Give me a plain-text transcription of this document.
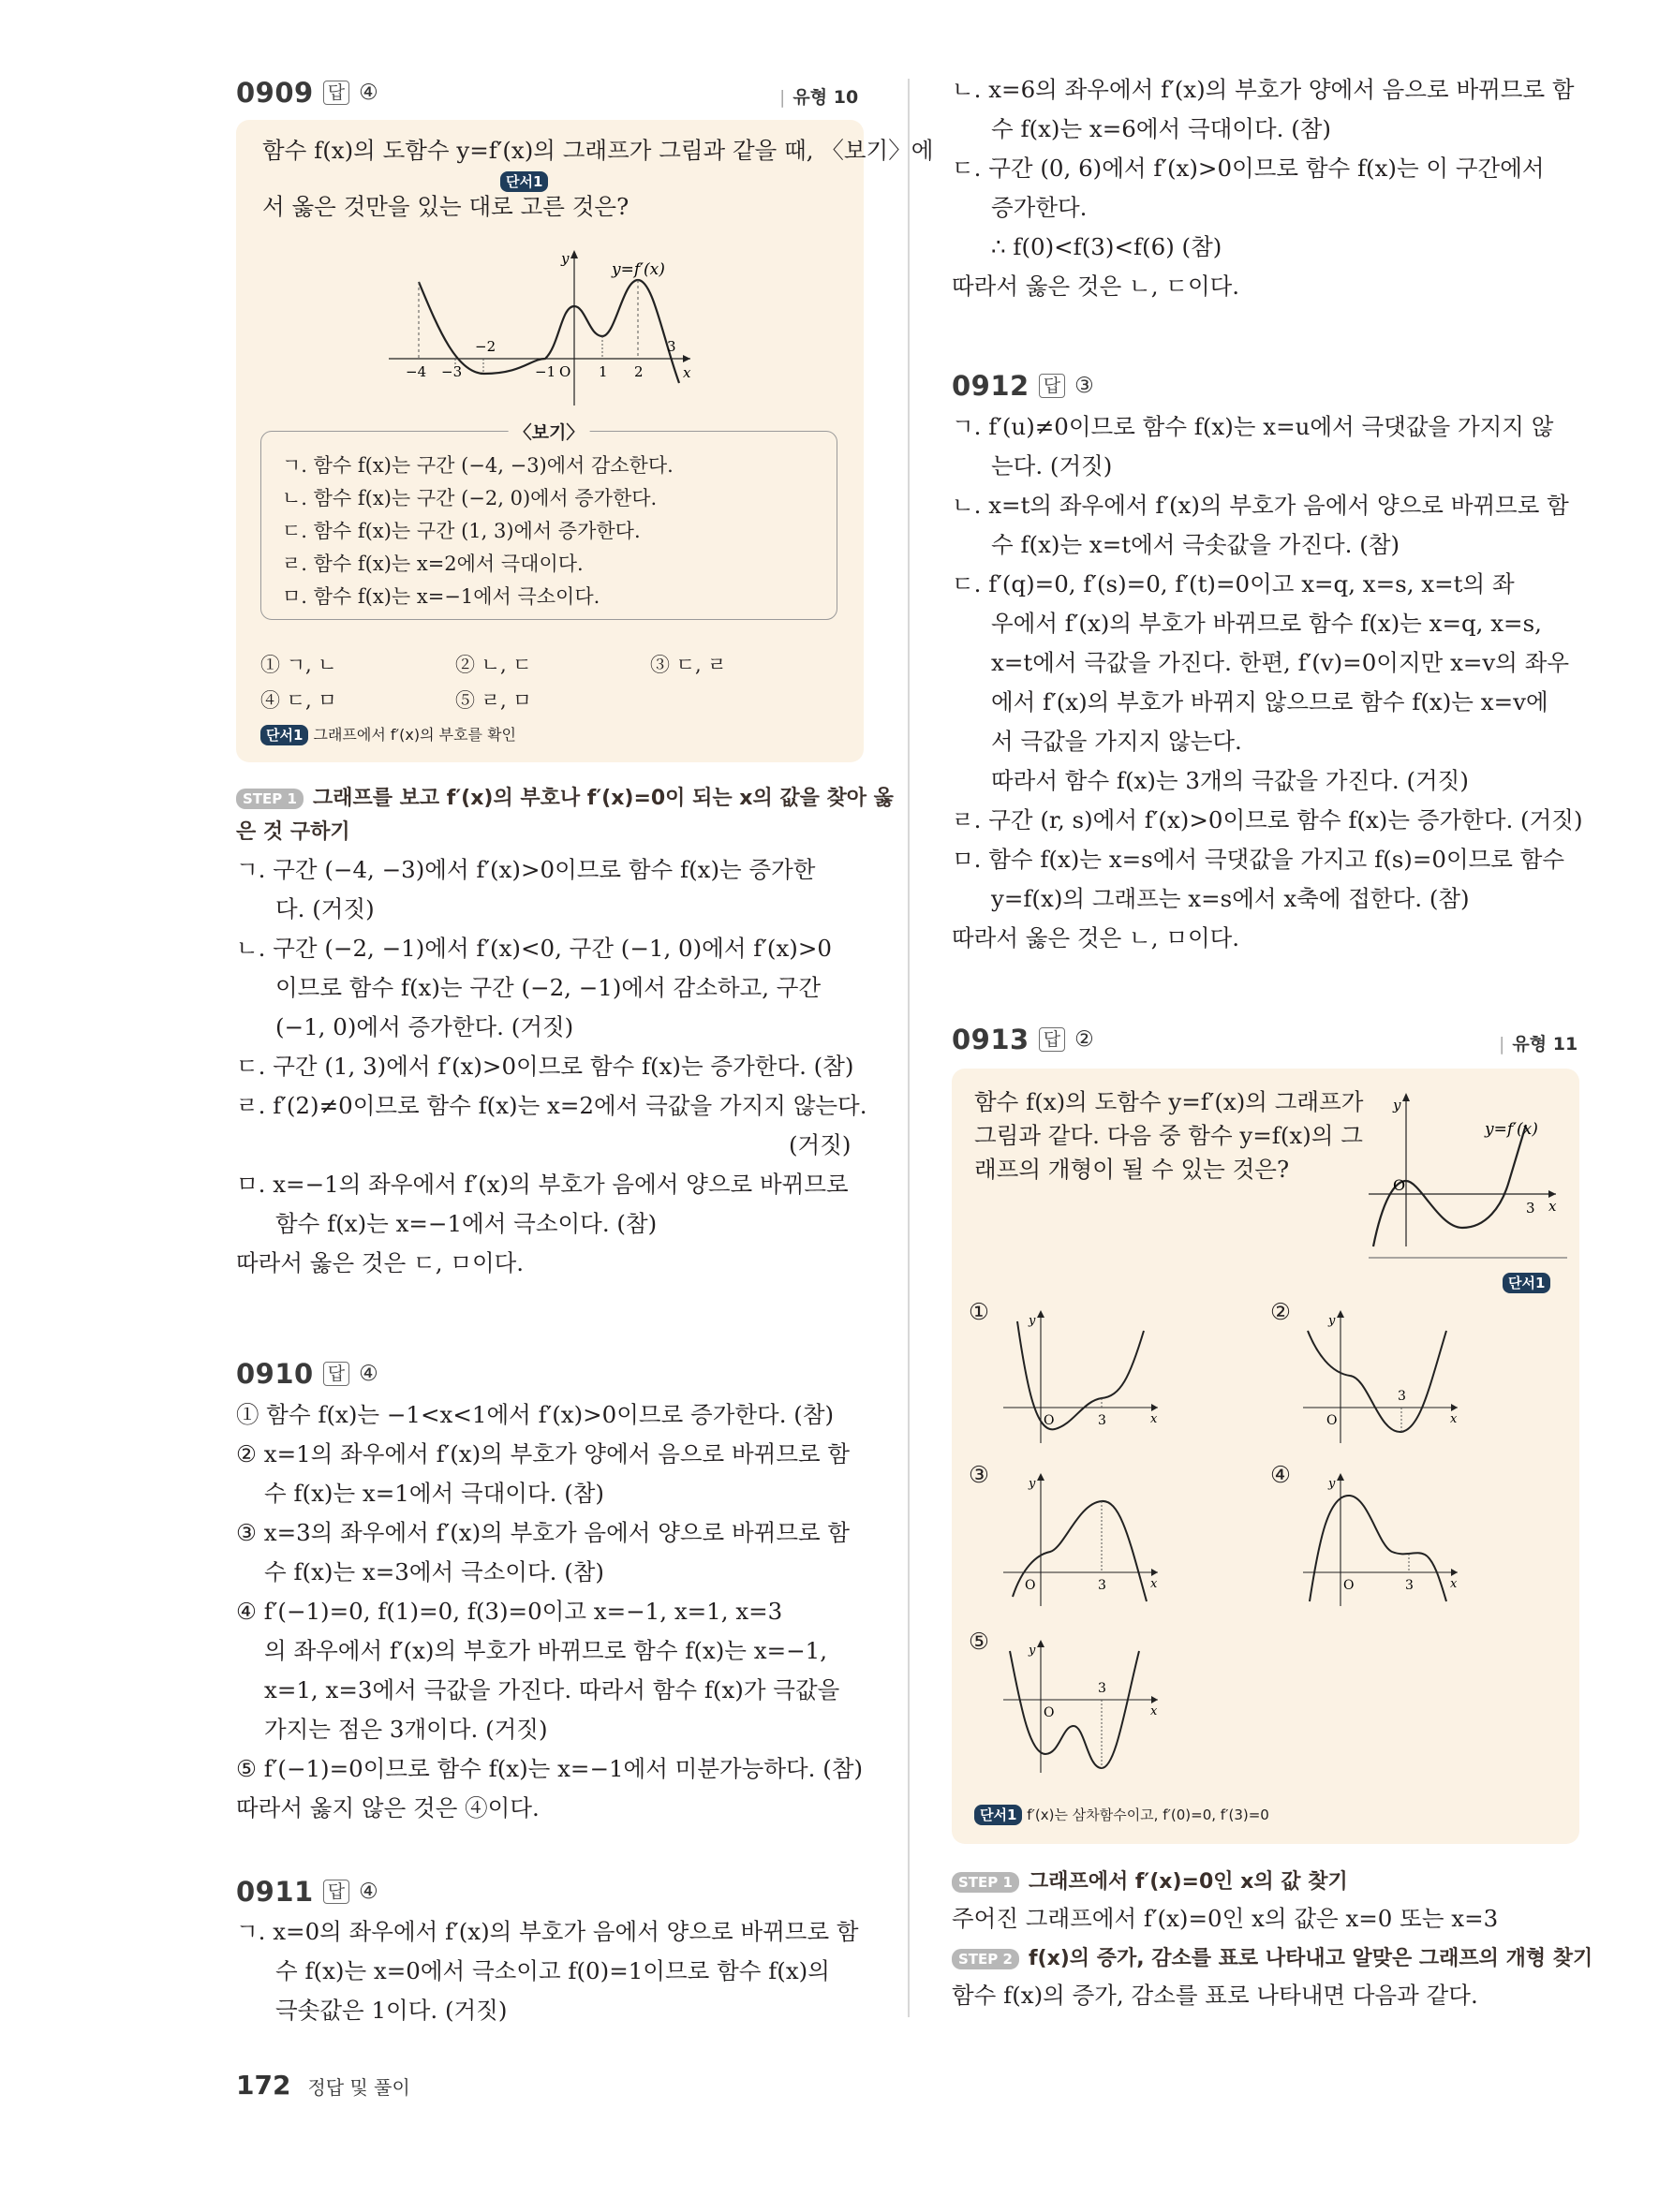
0909 답 ④	| 유형 10
함수 f(x)의 도함수 y=f′(x)의 그래프가 그림과 같을 때, 〈보기〉에
단서1
서 옳은 것만을 있는 대로 고른 것은?
y=f′(x)
y
x
O
−4 −3
−2
−1	1 2
3
〈보기〉
ㄱ. 함수 f(x)는 구간 (−4, −3)에서 감소한다.
ㄴ. 함수 f(x)는 구간 (−2, 0)에서 증가한다.
ㄷ. 함수 f(x)는 구간 (1, 3)에서 증가한다.
ㄹ. 함수 f(x)는 x=2에서 극대이다.
ㅁ. 함수 f(x)는 x=−1에서 극소이다.
① ㄱ, ㄴ	② ㄴ, ㄷ	③ ㄷ, ㄹ
④ ㄷ, ㅁ	⑤ ㄹ, ㅁ
단서1 그래프에서 f′(x)의 부호를 확인
STEP 1 그래프를 보고 f′(x)의 부호나 f′(x)=0이 되는 x의 값을 찾아 옳
은 것 구하기
ㄱ. 구간 (−4, −3)에서 f′(x)>0이므로 함수 f(x)는 증가한
다. (거짓)
ㄴ. 구간 (−2, −1)에서 f′(x)<0, 구간 (−1, 0)에서 f′(x)>0
이므로 함수 f(x)는 구간 (−2, −1)에서 감소하고, 구간
(−1, 0)에서 증가한다. (거짓)
ㄷ. 구간 (1, 3)에서 f′(x)>0이므로 함수 f(x)는 증가한다. (참)
ㄹ. f′(2)≠0이므로 함수 f(x)는 x=2에서 극값을 가지지 않는다.
(거짓)
ㅁ. x=−1의 좌우에서 f′(x)의 부호가 음에서 양으로 바뀌므로
함수 f(x)는 x=−1에서 극소이다. (참)
따라서 옳은 것은 ㄷ, ㅁ이다.
0910 답 ④
① 함수 f(x)는 −1<x<1에서 f′(x)>0이므로 증가한다. (참)
② x=1의 좌우에서 f′(x)의 부호가 양에서 음으로 바뀌므로 함
수 f(x)는 x=1에서 극대이다. (참)
③ x=3의 좌우에서 f′(x)의 부호가 음에서 양으로 바뀌므로 함
수 f(x)는 x=3에서 극소이다. (참)
④ f′(−1)=0, f(1)=0, f(3)=0이고 x=−1, x=1, x=3
의 좌우에서 f′(x)의 부호가 바뀌므로 함수 f(x)는 x=−1,
x=1, x=3에서 극값을 가진다. 따라서 함수 f(x)가 극값을
가지는 점은 3개이다. (거짓)
⑤ f′(−1)=0이므로 함수 f(x)는 x=−1에서 미분가능하다. (참)
따라서 옳지 않은 것은 ④이다.
0911 답 ④
ㄱ. x=0의 좌우에서 f′(x)의 부호가 음에서 양으로 바뀌므로 함
수 f(x)는 x=0에서 극소이고 f(0)=1이므로 함수 f(x)의
극솟값은 1이다. (거짓)
ㄴ. x=6의 좌우에서 f′(x)의 부호가 양에서 음으로 바뀌므로 함
수 f(x)는 x=6에서 극대이다. (참)
ㄷ. 구간 (0, 6)에서 f′(x)>0이므로 함수 f(x)는 이 구간에서
증가한다.
∴ f(0)<f(3)<f(6) (참)
따라서 옳은 것은 ㄴ, ㄷ이다.
0912 답 ③
ㄱ. f′(u)≠0이므로 함수 f(x)는 x=u에서 극댓값을 가지지 않
는다. (거짓)
ㄴ. x=t의 좌우에서 f′(x)의 부호가 음에서 양으로 바뀌므로 함
수 f(x)는 x=t에서 극솟값을 가진다. (참)
ㄷ. f′(q)=0, f′(s)=0, f′(t)=0이고 x=q, x=s, x=t의 좌
우에서 f′(x)의 부호가 바뀌므로 함수 f(x)는 x=q, x=s,
x=t에서 극값을 가진다. 한편, f′(v)=0이지만 x=v의 좌우
에서 f′(x)의 부호가 바뀌지 않으므로 함수 f(x)는 x=v에
서 극값을 가지지 않는다.
따라서 함수 f(x)는 3개의 극값을 가진다. (거짓)
ㄹ. 구간 (r, s)에서 f′(x)>0이므로 함수 f(x)는 증가한다. (거짓)
ㅁ. 함수 f(x)는 x=s에서 극댓값을 가지고 f(s)=0이므로 함수
y=f(x)의 그래프는 x=s에서 x축에 접한다. (참)
따라서 옳은 것은 ㄴ, ㅁ이다.
0913 답 ②	| 유형 11
함수 f(x)의 도함수 y=f′(x)의 그래프가
그림과 같다. 다음 중 함수 y=f(x)의 그
래프의 개형이 될 수 있는 것은?
y=f′(x)
y
x
O
3
단서1
①	y
x
O	3
②	y
x
O
3
③	y
x
O	3
④	y
x
O	3
⑤	y
x
O
3
단서1 f′(x)는 삼차함수이고, f′(0)=0, f′(3)=0
STEP 1 그래프에서 f′(x)=0인 x의 값 찾기
주어진 그래프에서 f′(x)=0인 x의 값은 x=0 또는 x=3
STEP 2 f(x)의 증가, 감소를 표로 나타내고 알맞은 그래프의 개형 찾기
함수 f(x)의 증가, 감소를 표로 나타내면 다음과 같다.
172 정답 및 풀이
